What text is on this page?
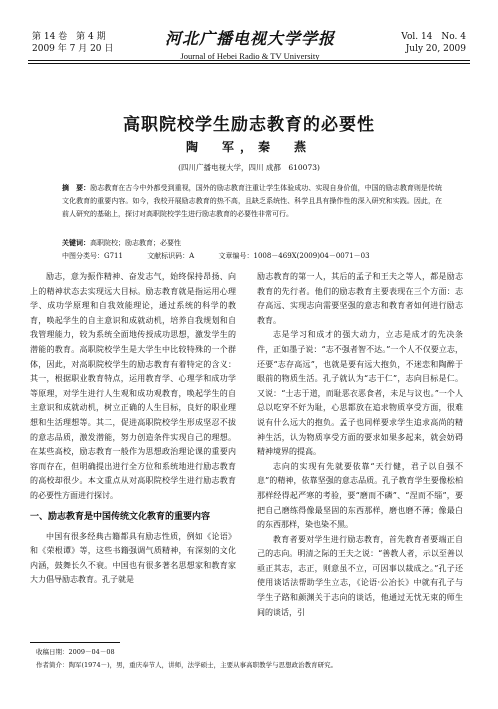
第 14 卷　第 4 期
2009 年 7 月 20 日
河北广播电视大学学报
Journal of Hebei Radio & TV University
Vol. 14　No. 4
July 20, 2009
高职院校学生励志教育的必要性
陶　军，秦　燕
(四川广播电视大学，四川 成都　610073)
摘　要：励志教育在古今中外都受到重视，国外的励志教育注重让学生体验成功、实现自身价值，中国的励志教育则是传统文化教育的重要内容。如今，我校开展励志教育的热不高，且缺乏系统性、科学且具有操作性的深入研究和实践。因此，在前人研究的基础上，探讨对高职院校学生进行励志教育的必要性非常可行。
关键词：高职院校；励志教育；必要性
中图分类号：G711	文献标识码：A	文章编号：1008－469X(2009)04－0071－03

励志，意为振作精神、奋发志气，始终保持昂扬、向上的精神状态去实现远大目标。励志教育就是指运用心理学、成功学原理和自我效能理论，通过系统的科学的教育，唤起学生的自主意识和成就动机，培养自我规划和自我管理能力，较为系统全面地传授成功思想，激发学生的潜能的教育。高职院校学生是大学生中比较特殊的一个群体，因此，对高职院校学生的励志教育有着特定的含义：其一，根据职业教育特点，运用教育学、心理学和成功学等原理，对学生进行人生观和成功观教育，唤起学生的自主意识和成就动机，树立正确的人生目标，良好的职业理想和生活理想等。其二，促进高职院校学生形成坚忍不拔的意志品质，激发潜能，努力创造条件实现自己的理想。在某些高校，励志教育一般作为思想政治理论课的重要内容而存在，但明确提出进行全方位和系统地进行励志教育的高校却很少。本文重点从对高职院校学生进行励志教育的必要性方面进行探讨。

一、励志教育是中国传统文化教育的重要内容

中国有很多经典古籍都具有励志性质，例如《论语》和《荣根谭》等，这些书籍强调气质精神，有深刻的文化内涵，鼓舞长久不衰。中国也有很多著名思想家和教育家大力倡导励志教育。孔子就是

励志教育的第一人，其后的孟子和王夫之等人，都是励志教育的先行者。他们的励志教育主要表现在三个方面：志存高远、实现志向需要坚强的意志和教育者如何进行励志教育。

志是学习和成才的强大动力，立志是成才的先决条件，正如墨子说：“志不强者智不达。”一个人不仅要立志，还要“志存高远”，也就是要有远大抱负，不迷恋和陶醉于眼前的物质生活。孔子就认为“志于仁”，志向目标是仁。又说：“士志于道，而耻恶衣恶食者，未足与议也。”一个人总以吃穿不好为耻，心思都放在追求物质享受方面，很难说有什么远大的抱负。孟子也同样要求学生追求高尚的精神生活，认为物质享受方面的要求如果多起来，就会妨碍精神境界的提高。

志向的实现有先就要依靠“天行健，君子以自强不息”的精神，依靠坚强的意志品质。孔子教育学生要像松柏那样经得起严寒的考验，要“磨而不磷”、“涅而不缁”，要把自己磨练得像最坚固的东西那样，磨也磨不薄；像最白的东西那样，染也染不黑。

教育者要对学生进行励志教育，首先教育者要端正自己的志向。明清之际的王夫之说：“善教人者，示以至善以亟正其志，志正，则意虽不立，可因事以裁成之。”孔子还使用谈话法帮助学生立志，《论语·公冶长》中就有孔子与学生子路和颜渊关于志向的谈话，他通过无忧无束的师生间的谈话，引

收稿日期：2009－04－08
作者简介：陶军(1974－)，男，重庆奉节人，讲师，法学硕士，主要从事高职教学与思想政治教育研究。
